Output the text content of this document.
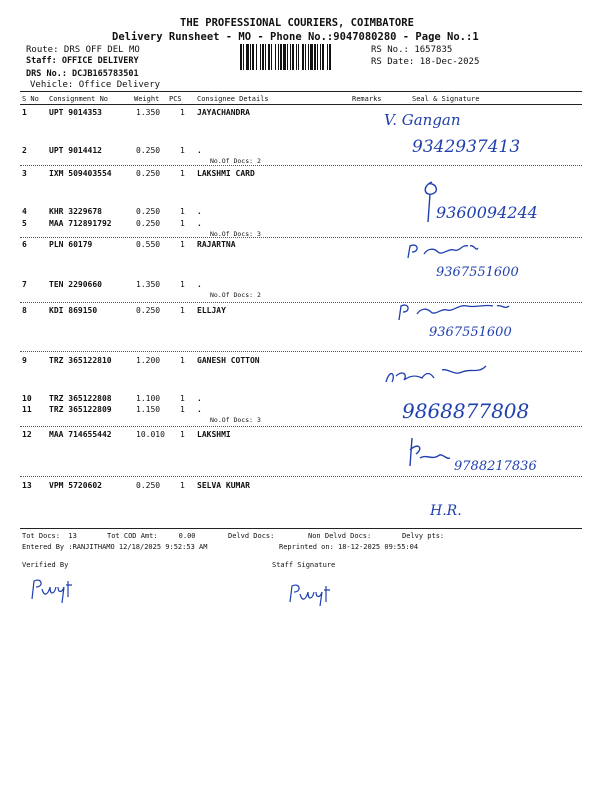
THE PROFESSIONAL COURIERS, COIMBATORE
Delivery Runsheet - MO - Phone No.:9047080280 - Page No.:1
Route: DRS OFF DEL MO
Staff: OFFICE DELIVERY
DRS No.: DCJB165783501
Vehicle: Office Delivery
RS No.: 1657835
RS Date: 18-Dec-2025
S No Consignment No	Weight PCS Consignee Details	Remarks	Seal & Signature
1	UPT 9014353	1.350 1 JAYACHANDRA
2	UPT 9014412	0.250 1 .
No.Of Docs: 2
3	IXM 509403554	0.250 1 LAKSHMI CARD
4	KHR 3229678	0.250 1 .
5	MAA 712891792	0.250 1 .
No.Of Docs: 3
6	PLN 60179	0.550 1 RAJARTNA
7	TEN 2290660	1.350 1 .
No.Of Docs: 2
8	KDI 869150	0.250 1 ELLJAY
9	TRZ 365122810	1.200 1 GANESH COTTON
10 TRZ 365122808	1.100 1 .
11 TRZ 365122809	1.150 1 .
No.Of Docs: 3
12 MAA 714655442	10.010 1 LAKSHMI
13 VPM 5720602	0.250 1 SELVA KUMAR
Tot Docs:  13	Tot COD Amt:     0.00	Delvd Docs:	Non Delvd Docs:	Delvy pts:
Entered By :RANJITHAMO 12/18/2025 9:52:53 AM	Reprinted on: 18-12-2025 09:55:04
Verified By	Staff Signature
V. Gangan
9342937413
9360094244
9367551600
9367551600
9868877808
9788217836
H.R.
